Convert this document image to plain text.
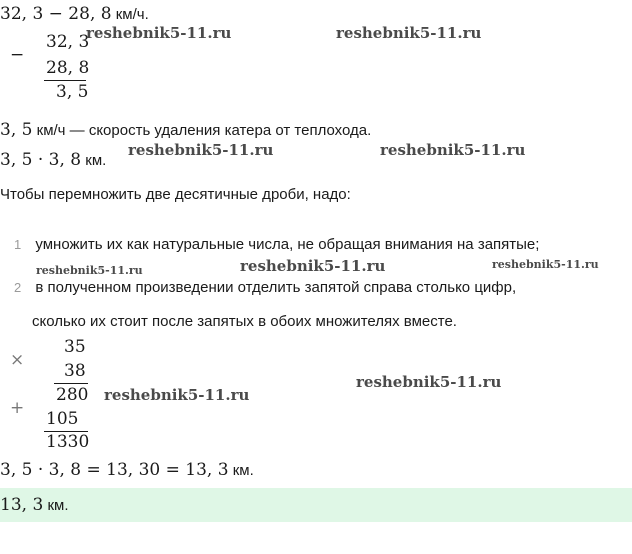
32, 3 − 28, 8 км/ч.
32, 3
−
28, 8
3, 5
3, 5 км/ч — скорость удаления катера от теплохода.
3, 5 · 3, 8 км.
Чтобы перемножить две десятичные дроби, надо:
1 умножить их как натуральные числа, не обращая внимания на запятые;
2 в полученном произведении отделить запятой справа столько цифр,
сколько их стоит после запятых в обоих множителях вместе.
35
×
38
280
+
105
1330
3, 5 · 3, 8 = 13, 30 = 13, 3 км.
13, 3 км.
reshebnik5-11.ru	reshebnik5-11.ru
reshebnik5-11.ru	reshebnik5-11.ru
reshebnik5-11.ru	reshebnik5-11.ru	reshebnik5-11.ru
reshebnik5-11.ru
reshebnik5-11.ru
